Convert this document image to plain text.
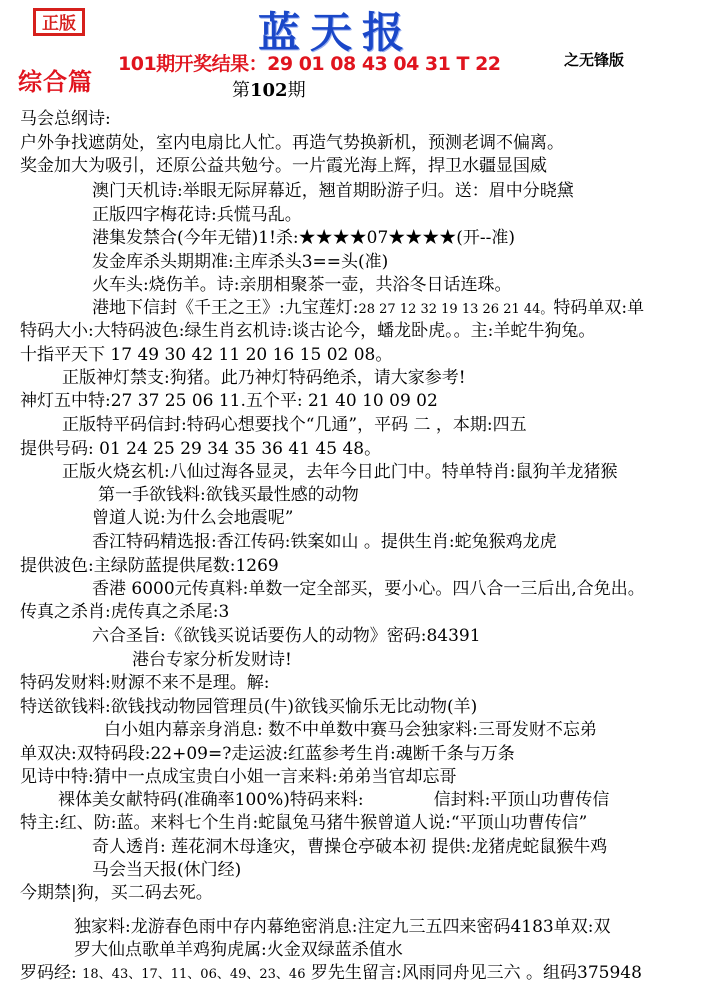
正版	蓝天报
101期开奖结果：29 01 08 43 04 31 T 22	之无锋版
综合篇	第102期
马会总纲诗:
户外争找遮荫处，室内电扇比人忙。再造气势换新机，预测老调不偏离。
奖金加大为吸引，还原公益共勉兮。一片霞光海上辉，捍卫水疆显国威
澳门天机诗:举眼无际屏幕近，翘首期盼游子归。送：眉中分晓黛
正版四字梅花诗:兵慌马乱。
港集发禁合(今年无错)1!杀:★★★★07★★★★(开--准)
发金库杀头期期准:主库杀头3==头(准)
火车头:烧伤羊。诗:亲朋相聚茶一壶，共浴冬日话连珠。
港地下信封《千王之王》:九宝莲灯:28 27 12 32 19 13 26 21 44。特码单双:单
特码大小:大特码波色:绿生肖玄机诗:谈古论今，蟠龙卧虎。。主:羊蛇牛狗兔。
十指平天下 17 49 30 42 11 20 16 15 02 08。
正版神灯禁支:狗猪。此乃神灯特码绝杀，请大家参考!
神灯五中特:27 37 25 06 11.五个平: 21 40 10 09 02
正版特平码信封:特码心想要找个“几通”，平码 二 ，本期:四五
提供号码: 01 24 25 29 34 35 36 41 45 48。
正版火烧玄机:八仙过海各显灵，去年今日此门中。特单特肖:鼠狗羊龙猪猴
第一手欲钱料:欲钱买最性感的动物
曾道人说:为什么会地震呢”
香江特码精选报:香江传码:铁案如山 。提供生肖:蛇兔猴鸡龙虎
提供波色:主绿防蓝提供尾数:1269
香港 6000元传真料:单数一定全部买，要小心。四八合一三后出,合免出。
传真之杀肖:虎传真之杀尾:3
六合圣旨:《欲钱买说话要伤人的动物》密码:84391
港台专家分析发财诗!
特码发财料:财源不来不是理。解:
特送欲钱料:欲钱找动物园管理员(牛)欲钱买愉乐无比动物(羊)
白小姐内幕亲身消息: 数不中单数中赛马会独家料:三哥发财不忘弟
单双决:双特码段:22+09=?走运波:红蓝参考生肖:魂断千条与万条
见诗中特:猜中一点成宝贵白小姐一言来料:弟弟当官却忘哥
裸体美女献特码(准确率100%)特码来料:	信封料:平顶山功曹传信
特主:红、防:蓝。来料七个生肖:蛇鼠兔马猪牛猴曾道人说:“平顶山功曹传信”
奇人透肖: 莲花洞木母逢灾，曹操仓亭破本初 提供:龙猪虎蛇鼠猴牛鸡
马会当天报(休门经)
今期禁|狗，买二码去死。
独家料:龙游春色雨中存内幕绝密消息:注定九三五四来密码4183单双:双
罗大仙点歌单羊鸡狗虎属:火金双绿蓝杀值水
罗码经: 18、43、17、11、06、49、23、46 罗先生留言:风雨同舟见三六 。组码375948
